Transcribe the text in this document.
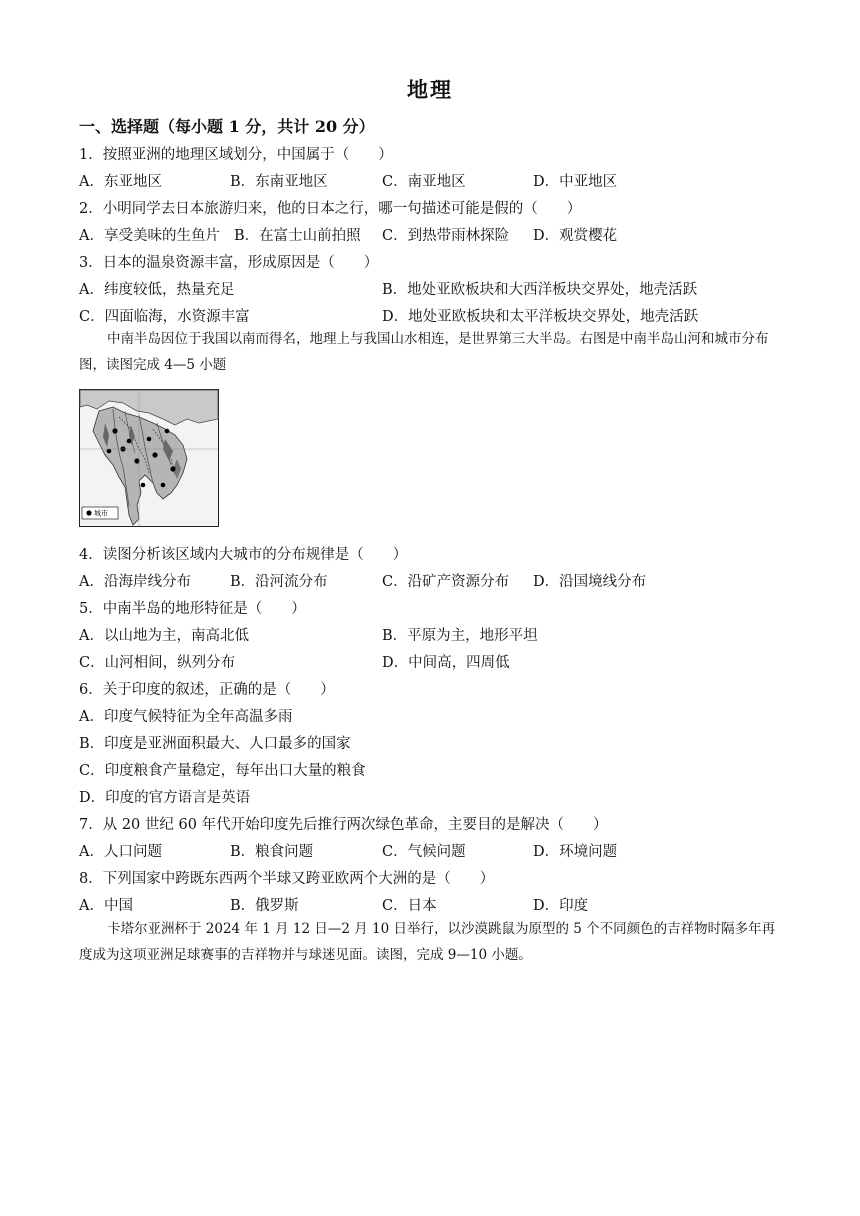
地理
一、选择题（每小题 1 分，共计 20 分）
1．按照亚洲的地理区域划分，中国属于（　　）
A．东亚地区	B．东南亚地区	C．南亚地区	D．中亚地区
2．小明同学去日本旅游归来，他的日本之行，哪一句描述可能是假的（　　）
A．享受美味的生鱼片 B．在富士山前拍照 C．到热带雨林探险 D．观赏樱花
3．日本的温泉资源丰富，形成原因是（　　）
A．纬度较低，热量充足	B．地处亚欧板块和大西洋板块交界处，地壳活跃
C．四面临海，水资源丰富	D．地处亚欧板块和太平洋板块交界处，地壳活跃
中南半岛因位于我国以南而得名，地理上与我国山水相连，是世界第三大半岛。右图是中南半岛山河和城市分布图，读图完成 4—5 小题
城市
4．读图分析该区域内大城市的分布规律是（　　）
A．沿海岸线分布	B．沿河流分布	C．沿矿产资源分布 D．沿国境线分布
5．中南半岛的地形特征是（　　）
A．以山地为主，南高北低	B．平原为主，地形平坦
C．山河相间，纵列分布	D．中间高，四周低
6．关于印度的叙述，正确的是（　　）
A．印度气候特征为全年高温多雨
B．印度是亚洲面积最大、人口最多的国家
C．印度粮食产量稳定，每年出口大量的粮食
D．印度的官方语言是英语
7．从 20 世纪 60 年代开始印度先后推行两次绿色革命，主要目的是解决（　　）
A．人口问题	B．粮食问题	C．气候问题	D．环境问题
8．下列国家中跨既东西两个半球又跨亚欧两个大洲的是（　　）
A．中国	B．俄罗斯	C．日本	D．印度
卡塔尔亚洲杯于 2024 年 1 月 12 日—2 月 10 日举行，以沙漠跳鼠为原型的 5 个不同颜色的吉祥物时隔多年再度成为这项亚洲足球赛事的吉祥物并与球迷见面。读图，完成 9—10 小题。
